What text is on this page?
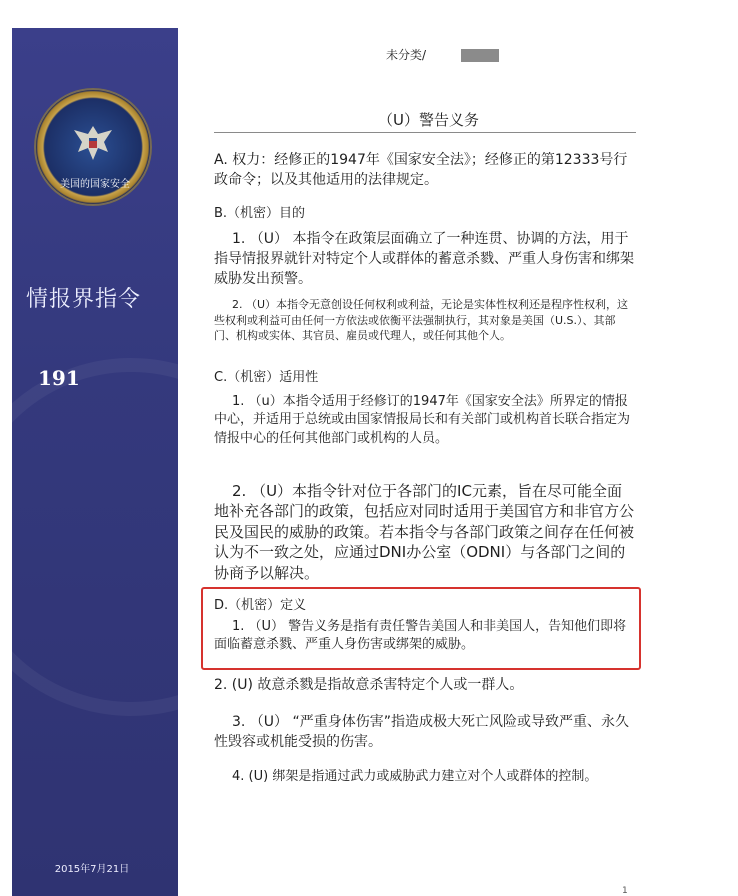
美国的国家安全
情报界指令
191
2015年7月21日
未分类/
（U）警告义务
A. 权力：经修正的1947年《国家安全法》；经修正的第12333号行政命令；以及其他适用的法律规定。
B.（机密）目的
1. （U） 本指令在政策层面确立了一种连贯、协调的方法，用于指导情报界就针对特定个人或群体的蓄意杀戮、严重人身伤害和绑架威胁发出预警。
2. （U）本指令无意创设任何权利或利益，无论是实体性权利还是程序性权利，这些权利或利益可由任何一方依法或依衡平法强制执行，其对象是美国（U.S.）、其部门、机构或实体、其官员、雇员或代理人，或任何其他个人。
C.（机密）适用性
1. （u）本指令适用于经修订的1947年《国家安全法》所界定的情报中心，并适用于总统或由国家情报局长和有关部门或机构首长联合指定为情报中心的任何其他部门或机构的人员。
2. （U）本指令针对位于各部门的IC元素，旨在尽可能全面地补充各部门的政策，包括应对同时适用于美国官方和非官方公民及国民的威胁的政策。若本指令与各部门政策之间存在任何被认为不一致之处，应通过DNI办公室（ODNI）与各部门之间的协商予以解决。
D.（机密）定义
1. （U） 警告义务是指有责任警告美国人和非美国人，告知他们即将面临蓄意杀戮、严重人身伤害或绑架的威胁。
2. (U) 故意杀戮是指故意杀害特定个人或一群人。
3. （U） “严重身体伤害”指造成极大死亡风险或导致严重、永久性毁容或机能受损的伤害。
4. (U) 绑架是指通过武力或威胁武力建立对个人或群体的控制。
1
